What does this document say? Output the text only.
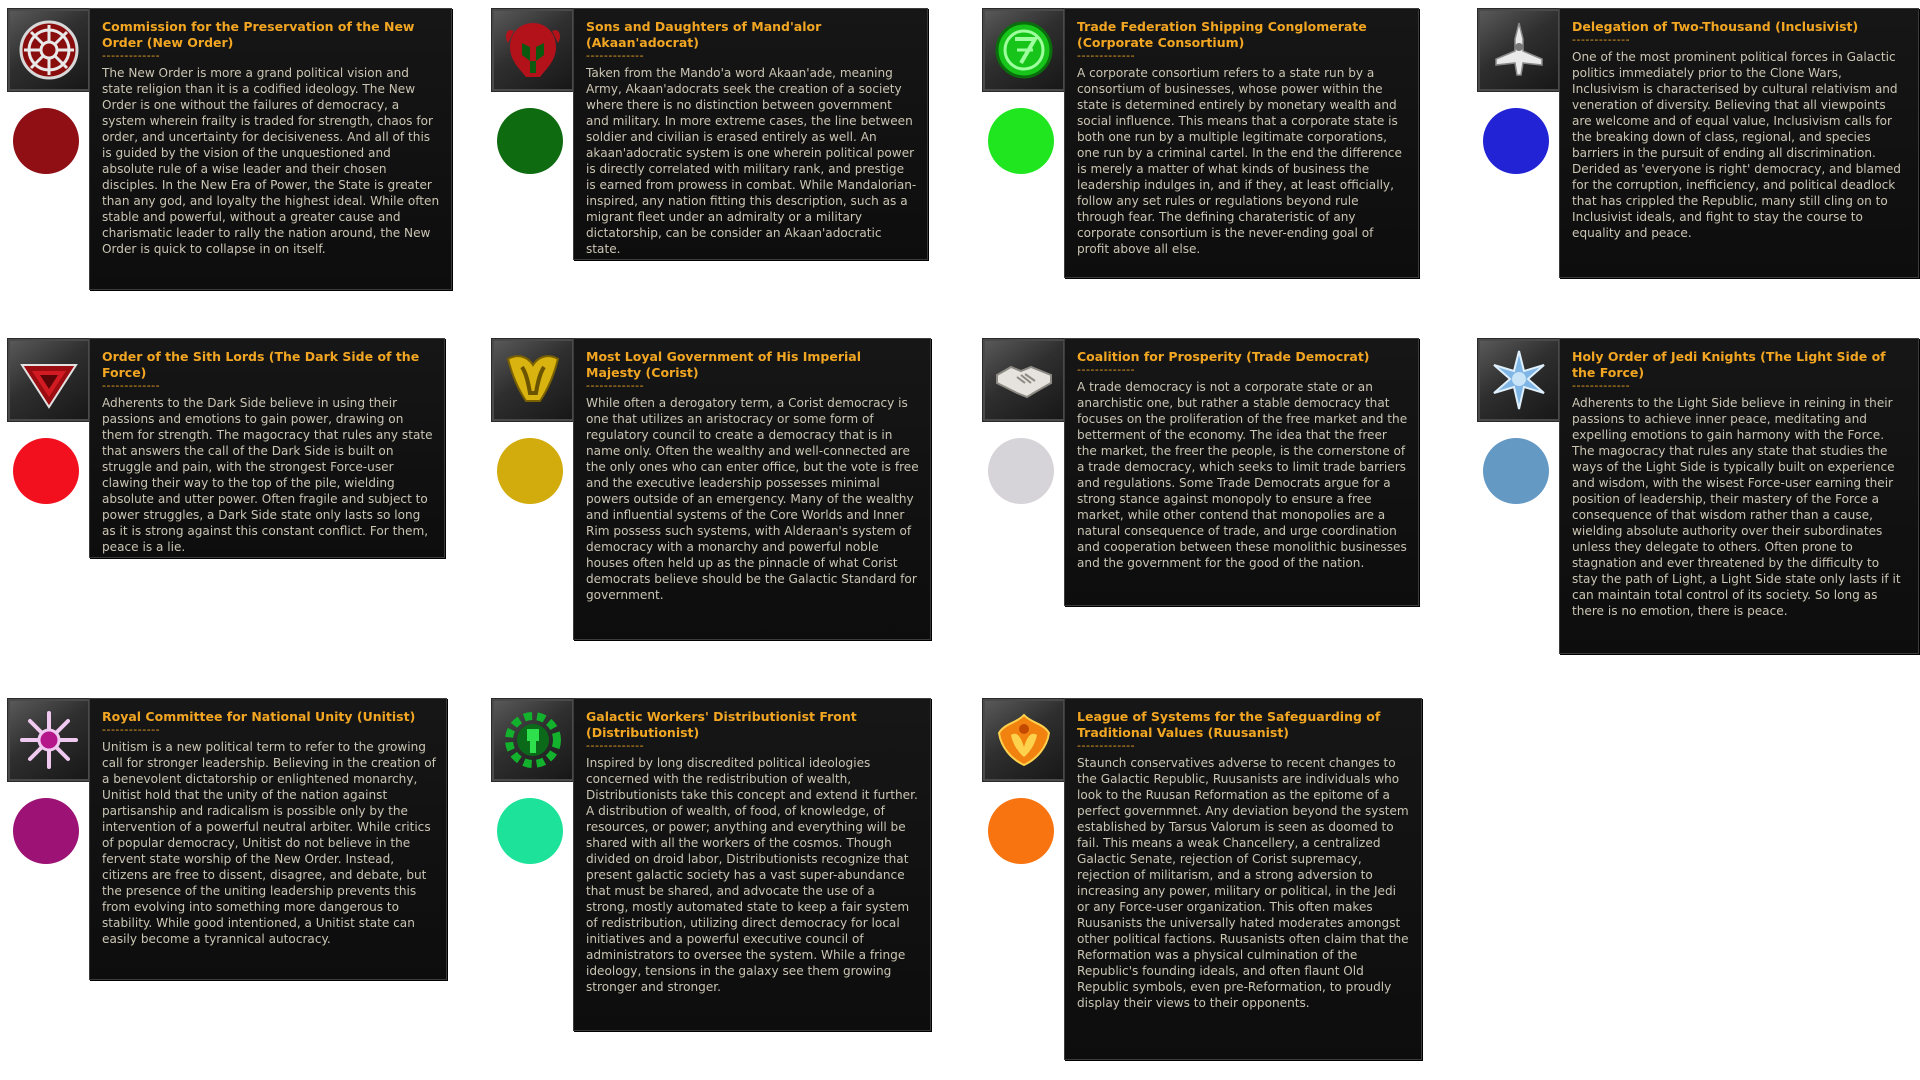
Commission for the Preservation of the New Order (New Order)

-------------

The New Order is more a grand political vision and state religion than it is a codified ideology. The New Order is one without the failures of democracy, a system wherein frailty is traded for strength, chaos for order, and uncertainty for decisiveness. And all of this is guided by the vision of the unquestioned and absolute rule of a wise leader and their chosen disciples. In the New Era of Power, the State is greater than any god, and loyalty the highest ideal. While often stable and powerful, without a greater cause and charismatic leader to rally the nation around, the New Order is quick to collapse in on itself.

Sons and Daughters of Mand'alor (Akaan'adocrat)

-------------

Taken from the Mando'a word Akaan'ade, meaning Army, Akaan'adocrats seek the creation of a society where there is no distinction between government and military. In more extreme cases, the line between soldier and civilian is erased entirely as well. An akaan'adocratic system is one wherein political power is directly correlated with military rank, and prestige is earned from prowess in combat. While Mandalorian-inspired, any nation fitting this description, such as a migrant fleet under an admiralty or a military dictatorship, can be consider an Akaan'adocratic state.

Trade Federation Shipping Conglomerate (Corporate Consortium)

-------------

A corporate consortium refers to a state run by a consortium of businesses, whose power within the state is determined entirely by monetary wealth and social influence. This means that a corporate state is both one run by a multiple legitimate corporations, one run by a criminal cartel. In the end the difference is merely a matter of what kinds of business the leadership indulges in, and if they, at least officially, follow any set rules or regulations beyond rule through fear. The defining charateristic of any corporate consortium is the never-ending goal of profit above all else.

Delegation of Two-Thousand (Inclusivist)

-------------

One of the most prominent political forces in Galactic politics immediately prior to the Clone Wars, Inclusivism is characterised by cultural relativism and veneration of diversity. Believing that all viewpoints are welcome and of equal value, Inclusivism calls for the breaking down of class, regional, and species barriers in the pursuit of ending all discrimination. Derided as 'everyone is right' democracy, and blamed for the corruption, inefficiency, and political deadlock that has crippled the Republic, many still cling on to Inclusivist ideals, and fight to stay the course to equality and peace.

Order of the Sith Lords (The Dark Side of the Force)

-------------

Adherents to the Dark Side believe in using their passions and emotions to gain power, drawing on them for strength. The magocracy that rules any state that answers the call of the Dark Side is built on struggle and pain, with the strongest Force-user clawing their way to the top of the pile, wielding absolute and utter power. Often fragile and subject to power struggles, a Dark Side state only lasts so long as it is strong against this constant conflict. For them, peace is a lie.

Most Loyal Government of His Imperial Majesty (Corist)

-------------

While often a derogatory term, a Corist democracy is one that utilizes an aristocracy or some form of regulatory council to create a democracy that is in name only. Often the wealthy and well-connected are the only ones who can enter office, but the vote is free and the executive leadership possesses minimal powers outside of an emergency. Many of the wealthy and influential systems of the Core Worlds and Inner Rim possess such systems, with Alderaan's system of democracy with a monarchy and powerful noble houses often held up as the pinnacle of what Corist democrats believe should be the Galactic Standard for government.

Coalition for Prosperity (Trade Democrat)

-------------

A trade democracy is not a corporate state or an anarchistic one, but rather a stable democracy that focuses on the proliferation of the free market and the betterment of the economy. The idea that the freer the market, the freer the people, is the cornerstone of a trade democracy, which seeks to limit trade barriers and regulations. Some Trade Democrats argue for a strong stance against monopoly to ensure a free market, while other contend that monopolies are a natural consequence of trade, and urge coordination and cooperation between these monolithic businesses and the government for the good of the nation.

Holy Order of Jedi Knights (The Light Side of the Force)

-------------

Adherents to the Light Side believe in reining in their passions to achieve inner peace, meditating and expelling emotions to gain harmony with the Force. The magocracy that rules any state that studies the ways of the Light Side is typically built on experience and wisdom, with the wisest Force-user earning their position of leadership, their mastery of the Force a consequence of that wisdom rather than a cause, wielding absolute authority over their subordinates unless they delegate to others. Often prone to stagnation and ever threatened by the difficulty to stay the path of Light, a Light Side state only lasts if it can maintain total control of its society. So long as there is no emotion, there is peace.

Royal Committee for National Unity (Unitist)

-------------

Unitism is a new political term to refer to the growing call for stronger leadership. Believing in the creation of a benevolent dictatorship or enlightened monarchy, Unitist hold that the unity of the nation against partisanship and radicalism is possible only by the intervention of a powerful neutral arbiter. While critics of popular democracy, Unitist do not believe in the fervent state worship of the New Order. Instead, citizens are free to dissent, disagree, and debate, but the presence of the uniting leadership prevents this from evolving into something more dangerous to stability. While good intentioned, a Unitist state can easily become a tyrannical autocracy.

Galactic Workers' Distributionist Front (Distributionist)

-------------

Inspired by long discredited political ideologies concerned with the redistribution of wealth, Distributionists take this concept and extend it further. A distribution of wealth, of food, of knowledge, of resources, or power; anything and everything will be shared with all the workers of the cosmos. Though divided on droid labor, Distributionists recognize that present galactic society has a vast super-abundance that must be shared, and advocate the use of a strong, mostly automated state to keep a fair system of redistribution, utilizing direct democracy for local initiatives and a powerful executive council of administrators to oversee the system. While a fringe ideology, tensions in the galaxy see them growing stronger and stronger.

League of Systems for the Safeguarding of Traditional Values (Ruusanist)

-------------

Staunch conservatives adverse to recent changes to the Galactic Republic, Ruusanists are individuals who look to the Ruusan Reformation as the epitome of a perfect governmnet. Any deviation beyond the system established by Tarsus Valorum is seen as doomed to fail. This means a weak Chancellery, a centralized Galactic Senate, rejection of Corist supremacy, rejection of militarism, and a strong adversion to increasing any power, military or political, in the Jedi or any Force-user organization. This often makes Ruusanists the universally hated moderates amongst other political factions. Ruusanists often claim that the Reformation was a physical culmination of the Republic's founding ideals, and often flaunt Old Republic symbols, even pre-Reformation, to proudly display their views to their opponents.
